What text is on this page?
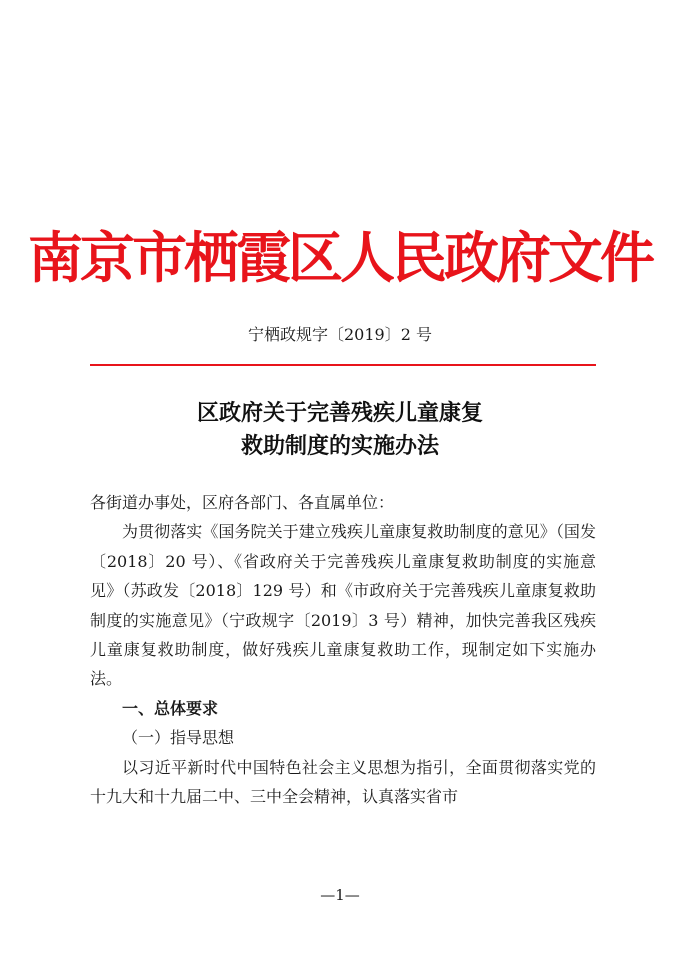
南京市栖霞区人民政府文件
宁栖政规字〔2019〕2 号
区政府关于完善残疾儿童康复
救助制度的实施办法

各街道办事处，区府各部门、各直属单位：

为贯彻落实《国务院关于建立残疾儿童康复救助制度的意见》（国发〔2018〕20 号）、《省政府关于完善残疾儿童康复救助制度的实施意见》（苏政发〔2018〕129 号）和《市政府关于完善残疾儿童康复救助制度的实施意见》（宁政规字〔2019〕3 号）精神，加快完善我区残疾儿童康复救助制度，做好残疾儿童康复救助工作，现制定如下实施办法。

一、总体要求

（一）指导思想

以习近平新时代中国特色社会主义思想为指引，全面贯彻落实党的十九大和十九届二中、三中全会精神，认真落实省市

—1—
